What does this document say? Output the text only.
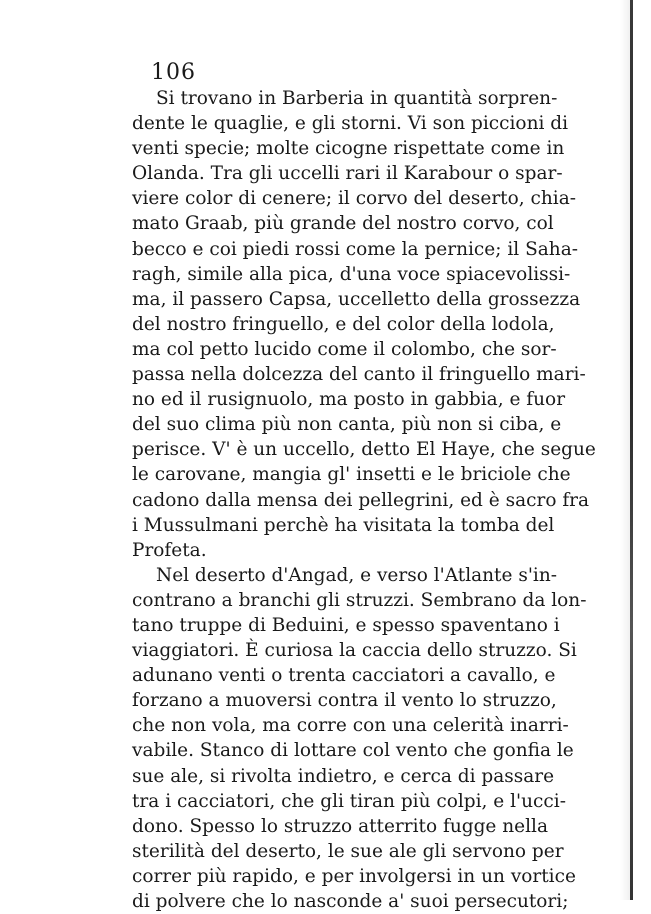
106
Si trovano in Barberia in quantità sorpren-
dente le quaglie, e gli storni. Vi son piccioni di
venti specie; molte cicogne rispettate come in
Olanda. Tra gli uccelli rari il Karabour o spar-
viere color di cenere; il corvo del deserto, chia-
mato Graab, più grande del nostro corvo, col
becco e coi piedi rossi come la pernice; il Saha-
ragh, simile alla pica, d'una voce spiacevolissi-
ma, il passero Capsa, uccelletto della grossezza
del nostro fringuello, e del color della lodola,
ma col petto lucido come il colombo, che sor-
passa nella dolcezza del canto il fringuello mari-
no ed il rusignuolo, ma posto in gabbia, e fuor
del suo clima più non canta, più non si ciba, e
perisce. V' è un uccello, detto El Haye, che segue
le carovane, mangia gl' insetti e le briciole che
cadono dalla mensa dei pellegrini, ed è sacro fra
i Mussulmani perchè ha visitata la tomba del
Profeta.
Nel deserto d'Angad, e verso l'Atlante s'in-
contrano a branchi gli struzzi. Sembrano da lon-
tano truppe di Beduini, e spesso spaventano i
viaggiatori. È curiosa la caccia dello struzzo. Si
adunano venti o trenta cacciatori a cavallo, e
forzano a muoversi contra il vento lo struzzo,
che non vola, ma corre con una celerità inarri-
vabile. Stanco di lottare col vento che gonfia le
sue ale, si rivolta indietro, e cerca di passare
tra i cacciatori, che gli tiran più colpi, e l'ucci-
dono. Spesso lo struzzo atterrito fugge nella
sterilità del deserto, le sue ale gli servono per
correr più rapido, e per involgersi in un vortice
di polvere che lo nasconde a' suoi persecutori;
